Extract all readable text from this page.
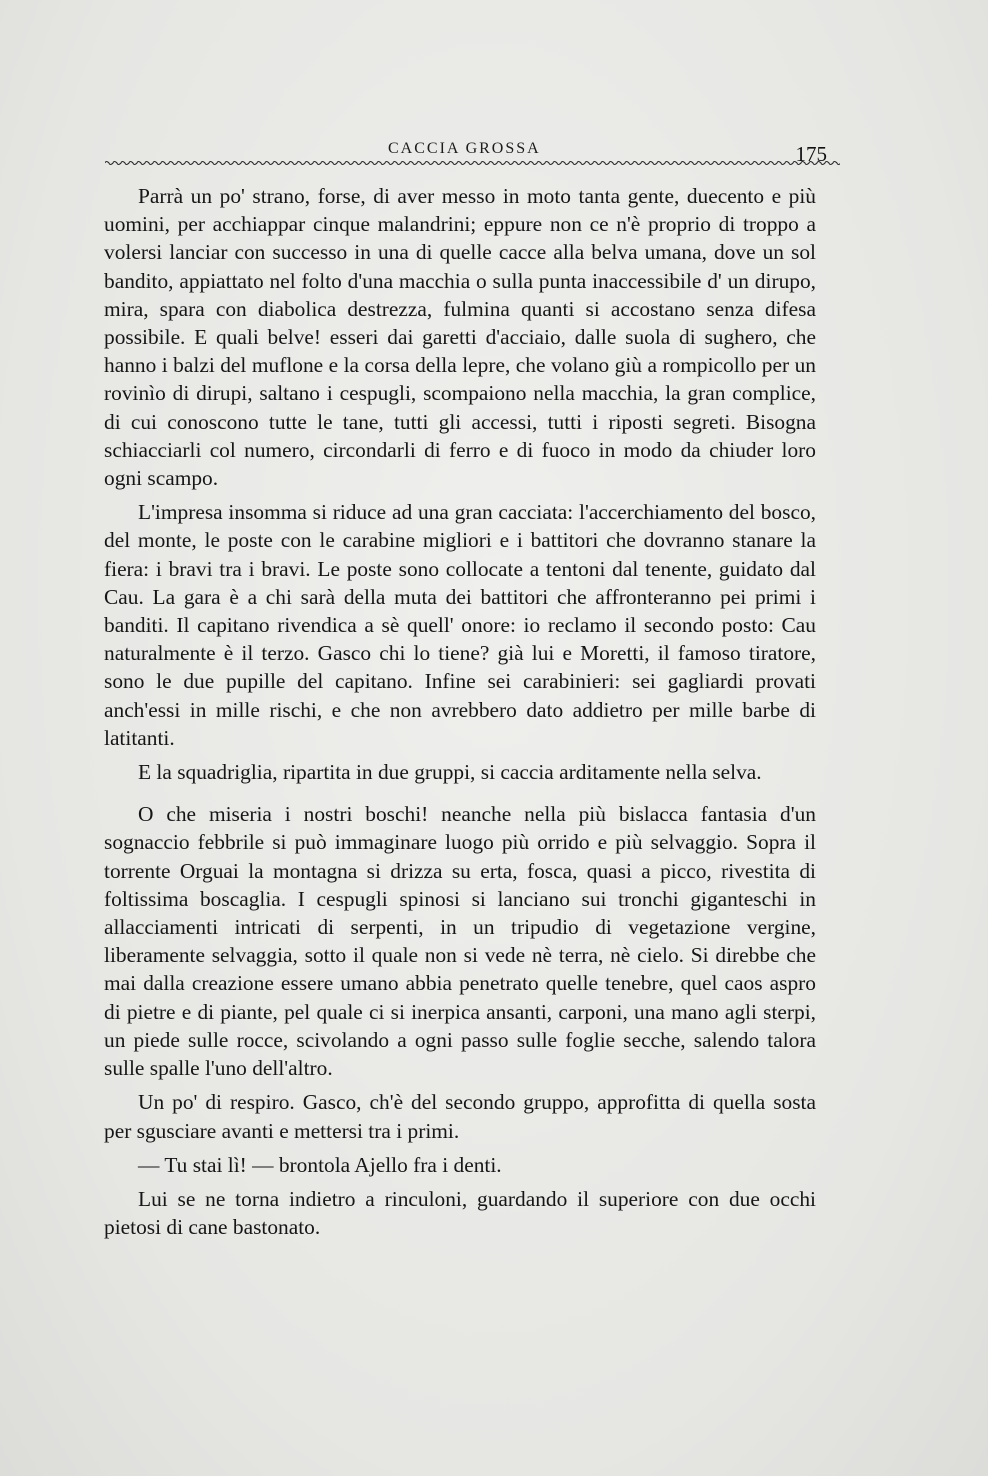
CACCIA GROSSA	175

Parrà un po' strano, forse, di aver messo in moto tanta gente, duecento e più uomini, per acchiappar cinque malandrini; eppure non ce n'è proprio di troppo a volersi lanciar con successo in una di quelle cacce alla belva umana, dove un sol bandito, appiattato nel folto d'una macchia o sulla punta inaccessibile d' un dirupo, mira, spara con diabolica destrezza, fulmina quanti si accostano senza difesa possibile. E quali belve! esseri dai garetti d'acciaio, dalle suola di sughero, che hanno i balzi del muflone e la corsa della lepre, che volano giù a rompicollo per un rovinìo di dirupi, saltano i cespugli, scompaiono nella macchia, la gran complice, di cui conoscono tutte le tane, tutti gli accessi, tutti i riposti segreti. Bisogna schiacciarli col numero, circondarli di ferro e di fuoco in modo da chiuder loro ogni scampo.

L'impresa insomma si riduce ad una gran cacciata: l'accerchiamento del bosco, del monte, le poste con le carabine migliori e i battitori che dovranno stanare la fiera: i bravi tra i bravi. Le poste sono collocate a tentoni dal tenente, guidato dal Cau. La gara è a chi sarà della muta dei battitori che affronteranno pei primi i banditi. Il capitano rivendica a sè quell' onore: io reclamo il secondo posto: Cau naturalmente è il terzo. Gasco chi lo tiene? già lui e Moretti, il famoso tiratore, sono le due pupille del capitano. Infine sei carabinieri: sei gagliardi provati anch'essi in mille rischi, e che non avrebbero dato addietro per mille barbe di latitanti.

E la squadriglia, ripartita in due gruppi, si caccia arditamente nella selva.

O che miseria i nostri boschi! neanche nella più bislacca fantasia d'un sognaccio febbrile si può immaginare luogo più orrido e più selvaggio. Sopra il torrente Orguai la montagna si drizza su erta, fosca, quasi a picco, rivestita di foltissima boscaglia. I cespugli spinosi si lanciano sui tronchi giganteschi in allacciamenti intricati di serpenti, in un tripudio di vegetazione vergine, liberamente selvaggia, sotto il quale non si vede nè terra, nè cielo. Si direbbe che mai dalla creazione essere umano abbia penetrato quelle tenebre, quel caos aspro di pietre e di piante, pel quale ci si inerpica ansanti, carponi, una mano agli sterpi, un piede sulle rocce, scivolando a ogni passo sulle foglie secche, salendo talora sulle spalle l'uno dell'altro.

Un po' di respiro. Gasco, ch'è del secondo gruppo, approfitta di quella sosta per sgusciare avanti e mettersi tra i primi.

— Tu stai lì! — brontola Ajello fra i denti.

Lui se ne torna indietro a rinculoni, guardando il superiore con due occhi pietosi di cane bastonato.
